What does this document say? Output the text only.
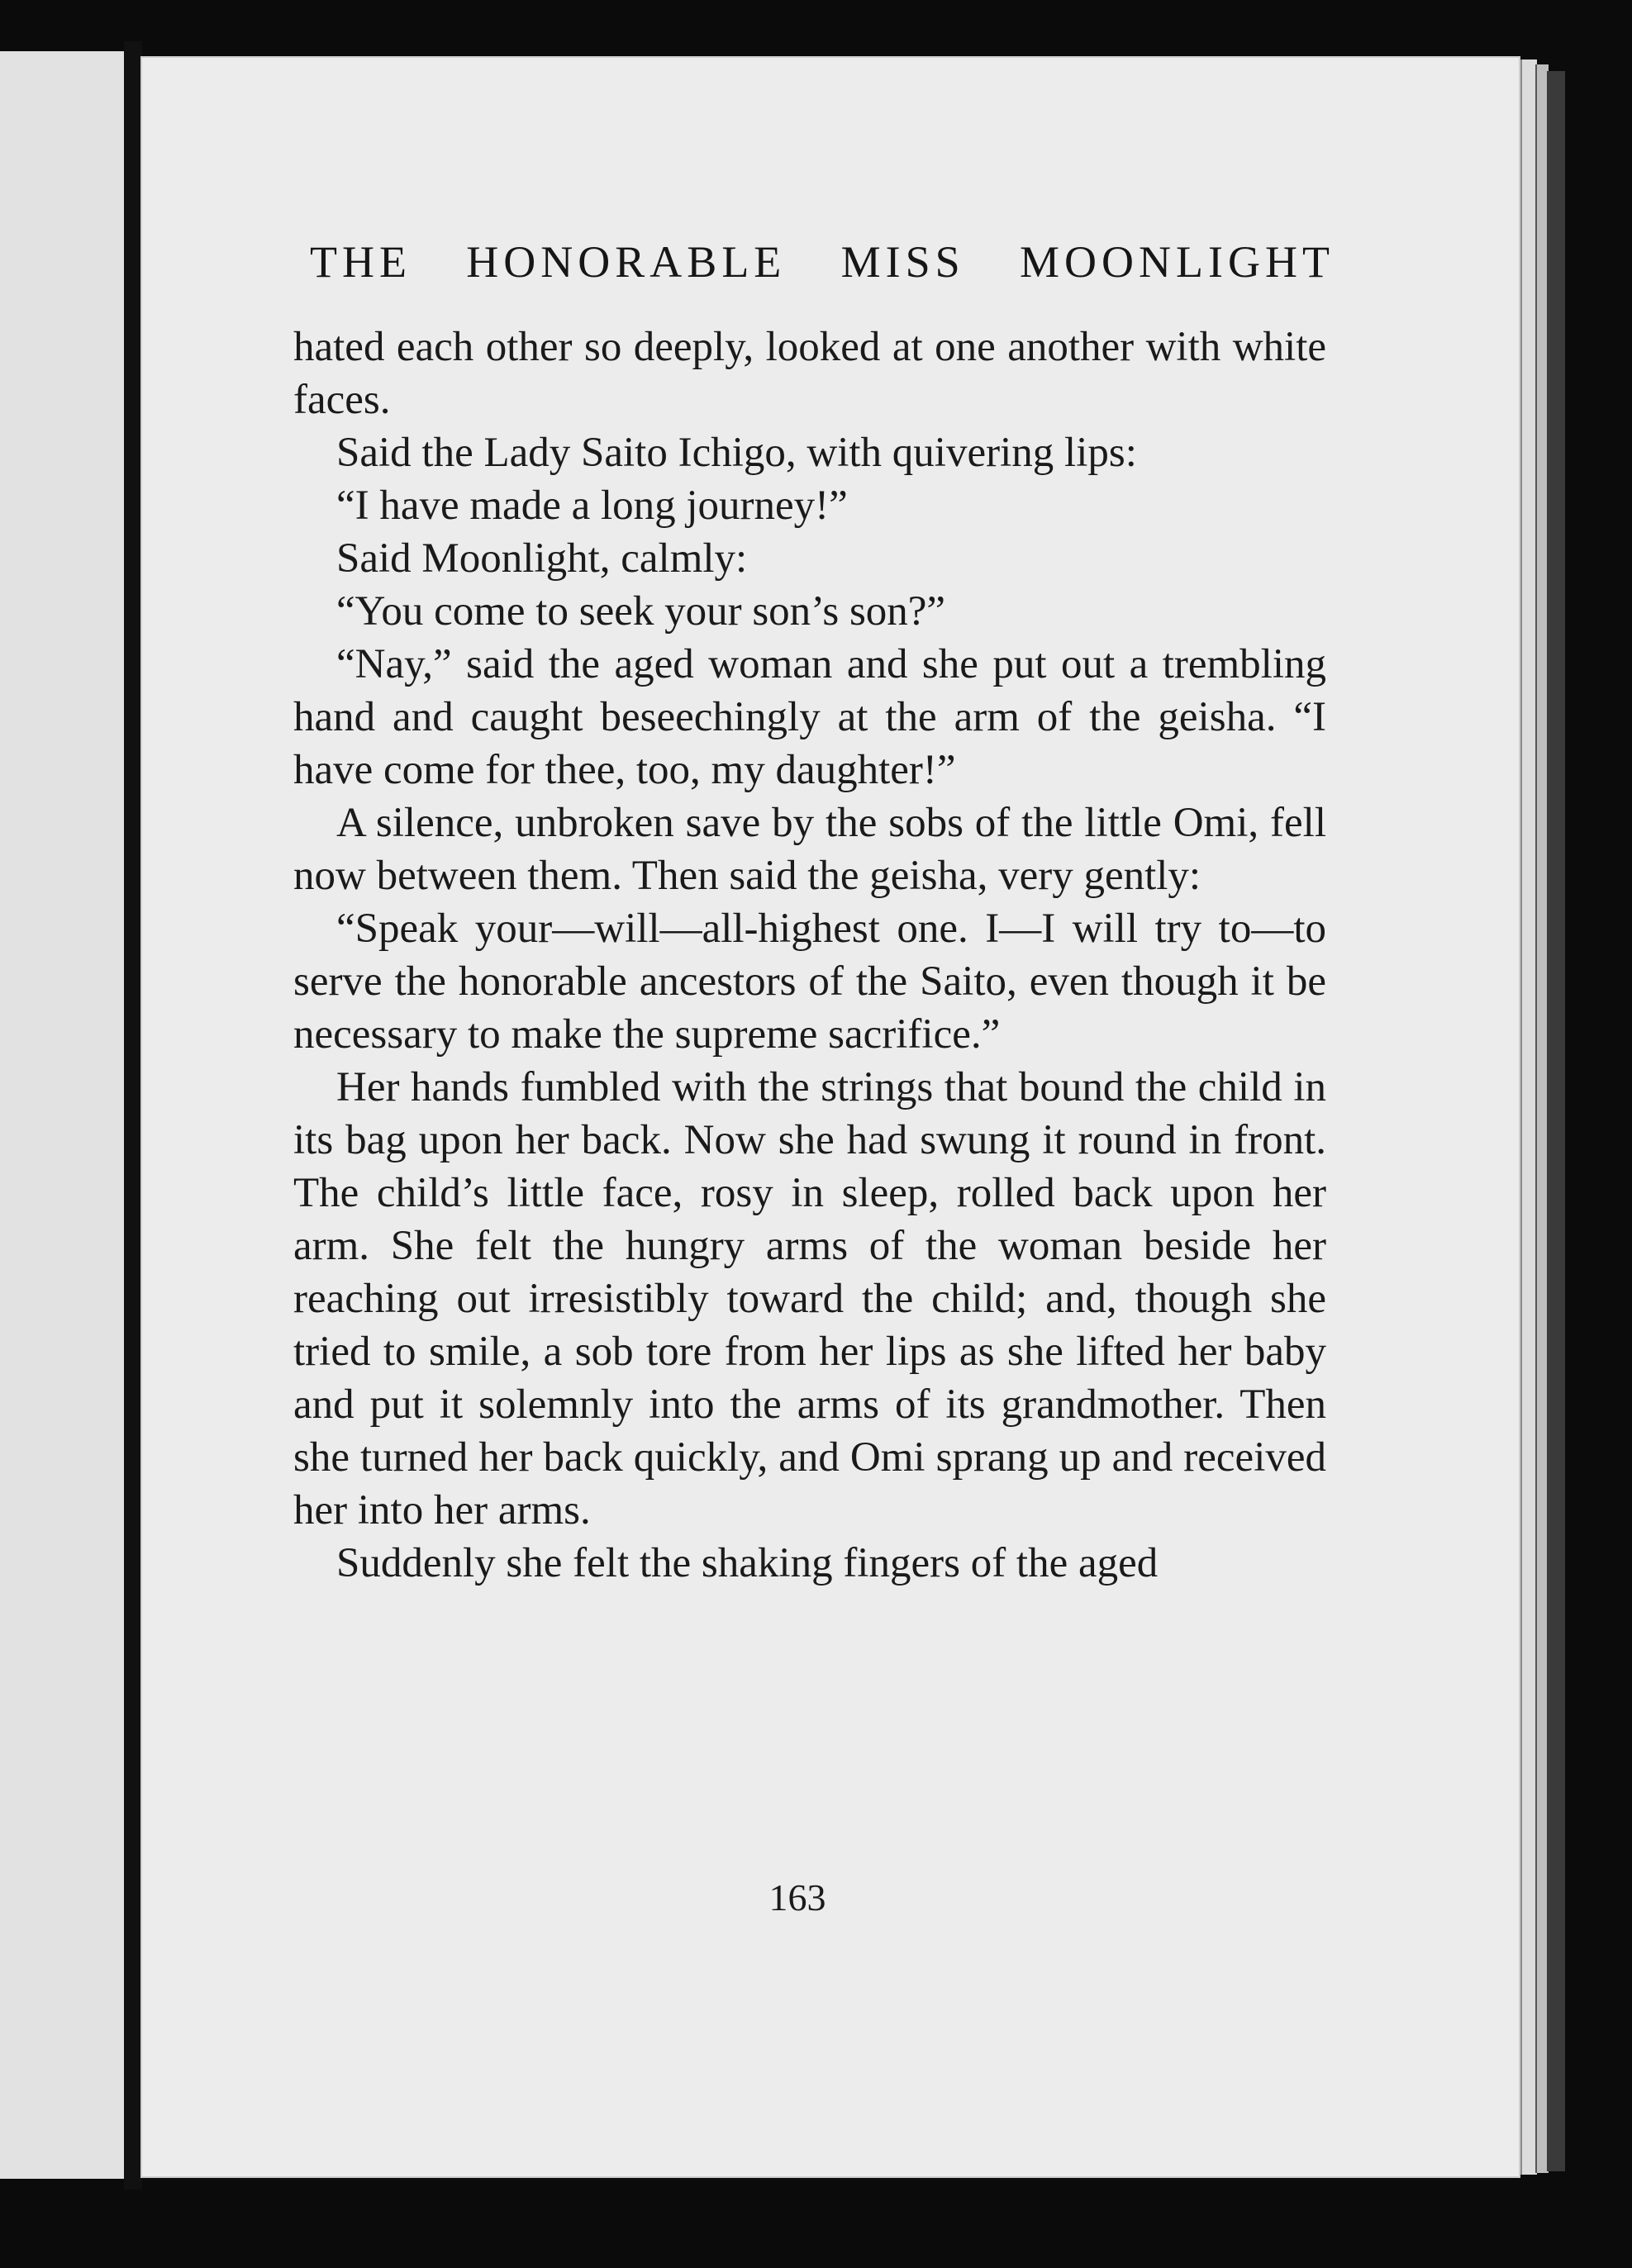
THE HONORABLE MISS MOONLIGHT

hated each other so deeply, looked at one another with white faces.

Said the Lady Saito Ichigo, with quivering lips:

“I have made a long journey!”

Said Moonlight, calmly:

“You come to seek your son’s son?”

“Nay,” said the aged woman and she put out a trembling hand and caught beseechingly at the arm of the geisha. “I have come for thee, too, my daughter!”

A silence, unbroken save by the sobs of the little Omi, fell now between them. Then said the geisha, very gently:

“Speak your—will—all-highest one. I—I will try to—to serve the honorable ancestors of the Saito, even though it be necessary to make the supreme sacrifice.”

Her hands fumbled with the strings that bound the child in its bag upon her back. Now she had swung it round in front. The child’s little face, rosy in sleep, rolled back upon her arm. She felt the hungry arms of the woman beside her reaching out irresistibly toward the child; and, though she tried to smile, a sob tore from her lips as she lifted her baby and put it solemnly into the arms of its grandmother. Then she turned her back quickly, and Omi sprang up and received her into her arms.

Suddenly she felt the shaking fingers of the aged

163
